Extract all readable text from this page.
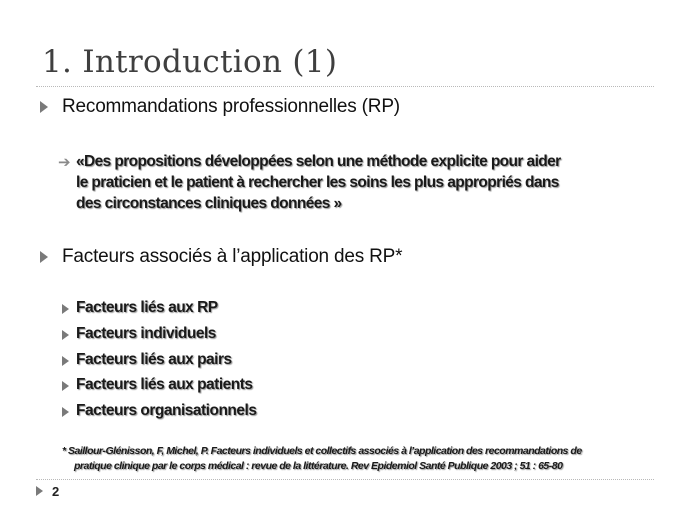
1. Introduction (1)
Recommandations professionnelles (RP)
➔ «Des propositions développées selon une méthode explicite pour aider
le praticien et le patient à rechercher les soins les plus appropriés dans
des circonstances cliniques données »
Facteurs associés à l’application des RP*
Facteurs liés aux RP
Facteurs individuels
Facteurs liés aux pairs
Facteurs liés aux patients
Facteurs organisationnels
* Saillour-Glénisson, F, Michel, P. Facteurs individuels et collectifs associés à l’application des recommandations de
pratique clinique par le corps médical : revue de la littérature. Rev Epidemiol Santé Publique 2003 ; 51 : 65-80
2
